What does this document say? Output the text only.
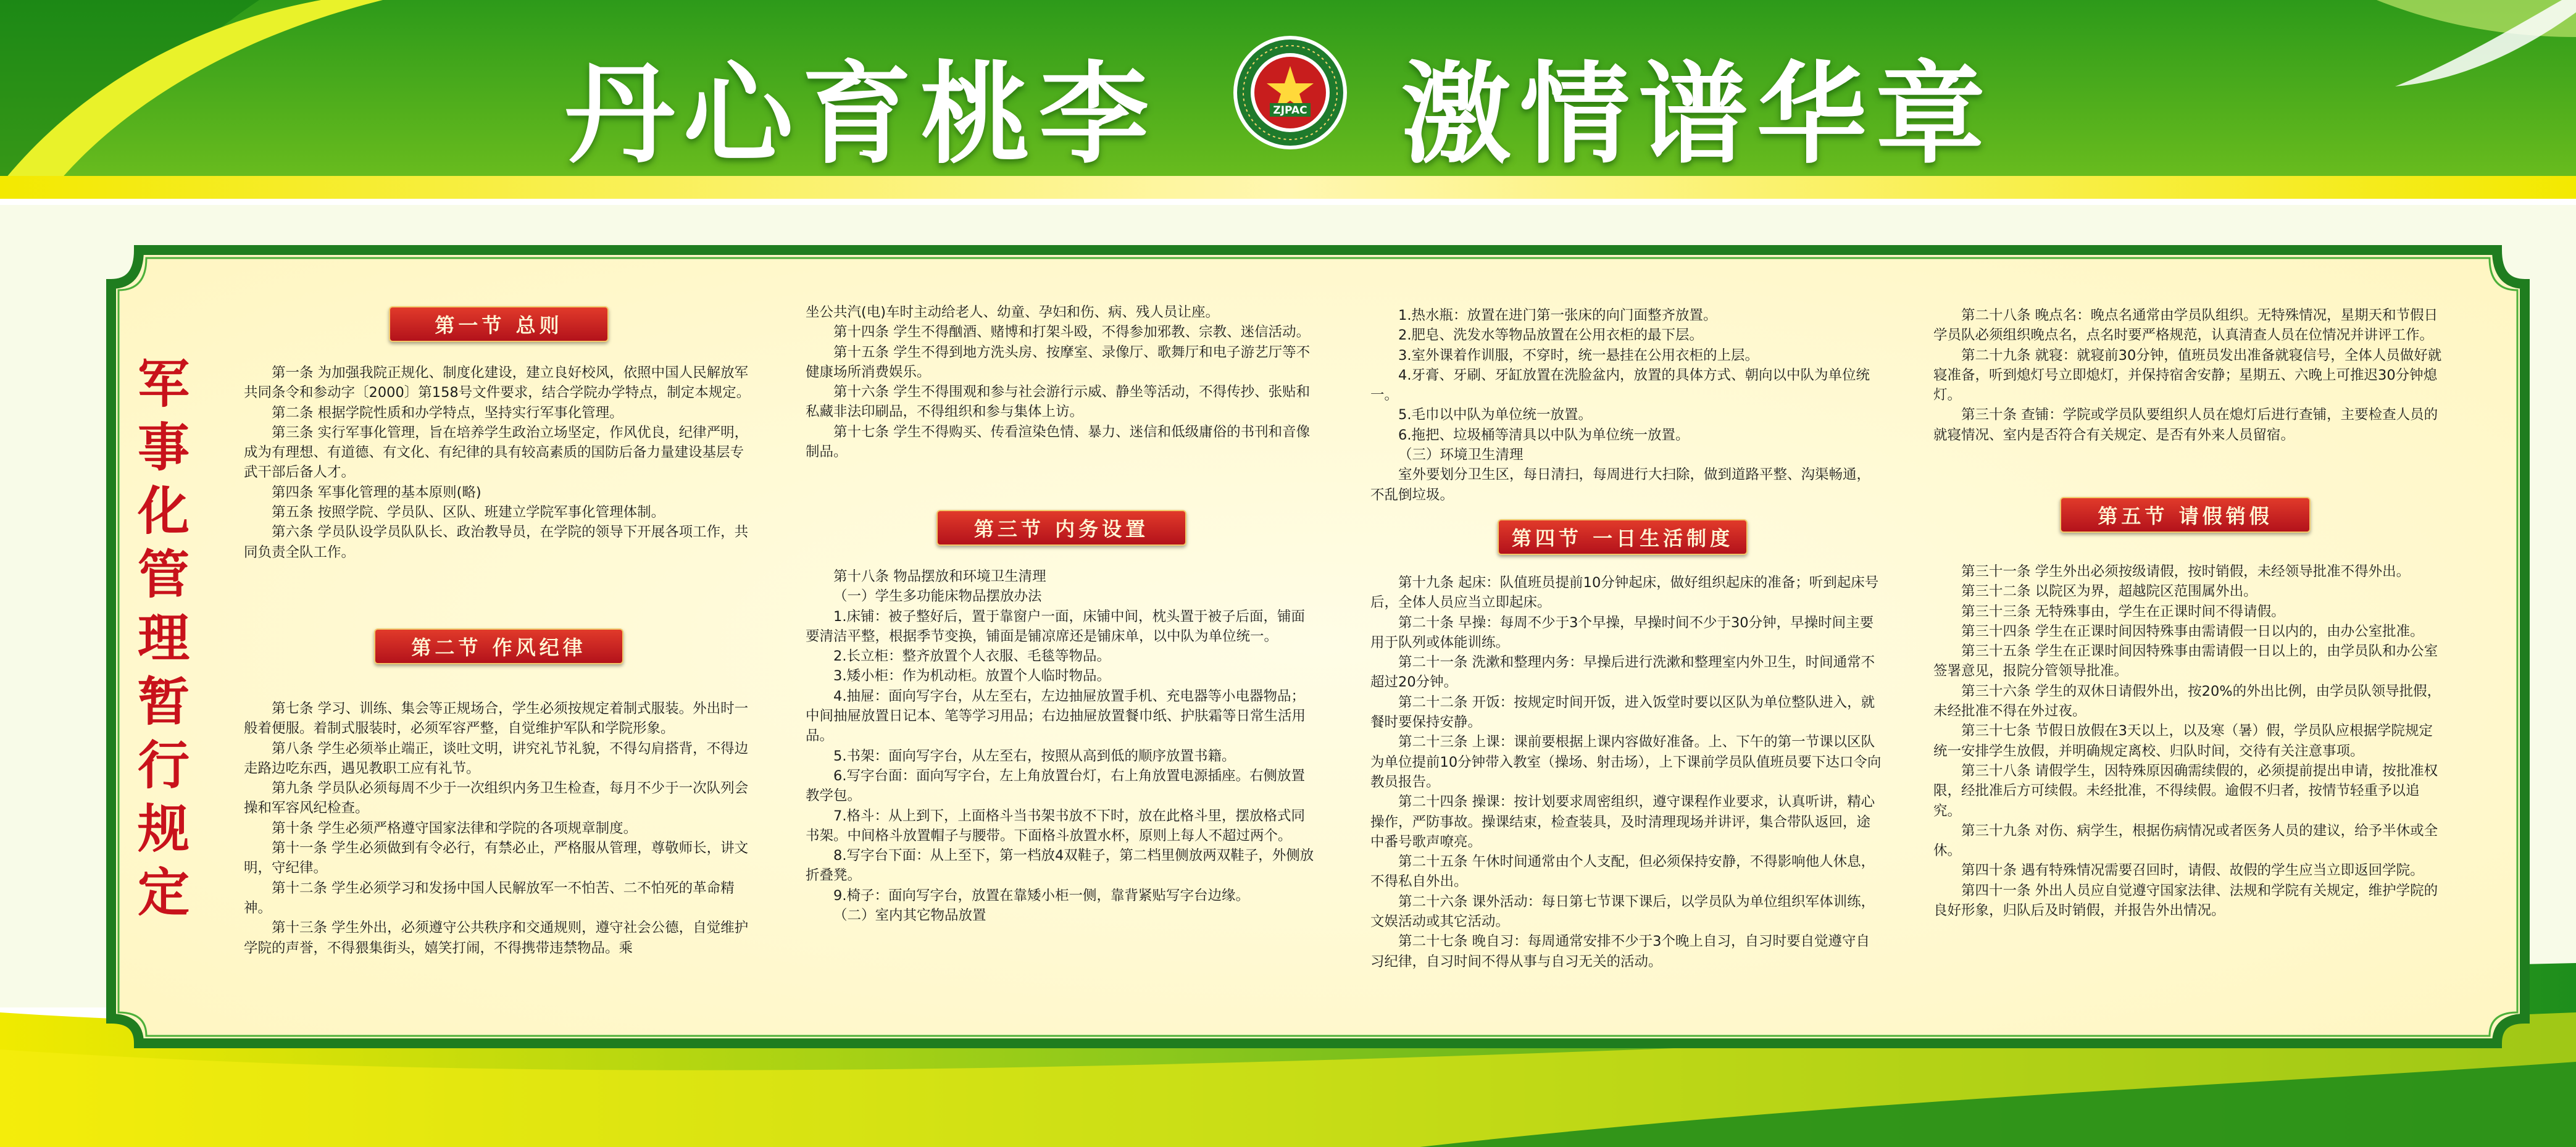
丹心育桃李 激情谱华章
ZJPAC
军
事
化
管
理
暂
行
规
定
第一节 总则
第二节 作风纪律
第三节 内务设置	第四节 一日生活制度
第五节 请假销假

第一条 为加强我院正规化、制度化建设，建立良好校风，依照中国人民解放军共同条令和参动字〔2000〕第158号文件要求，结合学院办学特点，制定本规定。

第二条 根据学院性质和办学特点，坚持实行军事化管理。

第三条 实行军事化管理，旨在培养学生政治立场坚定，作风优良，纪律严明，成为有理想、有道德、有文化、有纪律的具有较高素质的国防后备力量建设基层专武干部后备人才。

第四条 军事化管理的基本原则(略)

第五条 按照学院、学员队、区队、班建立学院军事化管理体制。

第六条 学员队设学员队队长、政治教导员，在学院的领导下开展各项工作，共同负责全队工作。

第七条 学习、训练、集会等正规场合，学生必须按规定着制式服装。外出时一般着便服。着制式服装时，必须军容严整，自觉维护军队和学院形象。

第八条 学生必须举止端正，谈吐文明，讲究礼节礼貌，不得勾肩搭背，不得边走路边吃东西，遇见教职工应有礼节。

第九条 学员队必须每周不少于一次组织内务卫生检查，每月不少于一次队列会操和军容风纪检查。

第十条 学生必须严格遵守国家法律和学院的各项规章制度。

第十一条 学生必须做到有令必行，有禁必止，严格服从管理，尊敬师长，讲文明，守纪律。

第十二条 学生必须学习和发扬中国人民解放军一不怕苦、二不怕死的革命精神。

第十三条 学生外出，必须遵守公共秩序和交通规则，遵守社会公德，自觉维护学院的声誉，不得猥集街头，嬉笑打闹，不得携带违禁物品。乘

坐公共汽(电)车时主动给老人、幼童、孕妇和伤、病、残人员让座。

第十四条 学生不得酗酒、赌博和打架斗殴，不得参加邪教、宗教、迷信活动。

第十五条 学生不得到地方洗头房、按摩室、录像厅、歌舞厅和电子游艺厅等不健康场所消费娱乐。

第十六条 学生不得围观和参与社会游行示威、静坐等活动，不得传抄、张贴和私藏非法印刷品，不得组织和参与集体上访。

第十七条 学生不得购买、传看渲染色情、暴力、迷信和低级庸俗的书刊和音像制品。

第十八条 物品摆放和环境卫生清理

（一）学生多功能床物品摆放办法

1.床铺：被子整好后，置于靠窗户一面，床铺中间，枕头置于被子后面，铺面要清洁平整，根据季节变换，铺面是铺凉席还是铺床单，以中队为单位统一。

2.长立柜：整齐放置个人衣服、毛毯等物品。

3.矮小柜：作为机动柜。放置个人临时物品。

4.抽屉：面向写字台，从左至右，左边抽屉放置手机、充电器等小电器物品；中间抽屉放置日记本、笔等学习用品；右边抽屉放置餐巾纸、护肤霜等日常生活用品。

5.书架：面向写字台，从左至右，按照从高到低的顺序放置书籍。

6.写字台面：面向写字台，左上角放置台灯，右上角放置电源插座。右侧放置教学包。

7.格斗：从上到下，上面格斗当书架书放不下时，放在此格斗里，摆放格式同书架。中间格斗放置帽子与腰带。下面格斗放置水杯，原则上每人不超过两个。

8.写字台下面：从上至下，第一档放4双鞋子，第二档里侧放两双鞋子，外侧放折叠凳。

9.椅子：面向写字台，放置在靠矮小柜一侧，靠背紧贴写字台边缘。

（二）室内其它物品放置

1.热水瓶：放置在进门第一张床的向门面整齐放置。

2.肥皂、洗发水等物品放置在公用衣柜的最下层。

3.室外课着作训服，不穿时，统一悬挂在公用衣柜的上层。

4.牙膏、牙刷、牙缸放置在洗脸盆内，放置的具体方式、朝向以中队为单位统一。

5.毛巾以中队为单位统一放置。

6.拖把、垃圾桶等清具以中队为单位统一放置。

（三）环境卫生清理

室外要划分卫生区，每日清扫，每周进行大扫除，做到道路平整、沟渠畅通，不乱倒垃圾。

第十九条 起床：队值班员提前10分钟起床，做好组织起床的准备；听到起床号后，全体人员应当立即起床。

第二十条 早操：每周不少于3个早操，早操时间不少于30分钟，早操时间主要用于队列或体能训练。

第二十一条 洗漱和整理内务：早操后进行洗漱和整理室内外卫生，时间通常不超过20分钟。

第二十二条 开饭：按规定时间开饭，进入饭堂时要以区队为单位整队进入，就餐时要保持安静。

第二十三条 上课：课前要根据上课内容做好准备。上、下午的第一节课以区队为单位提前10分钟带入教室（操场、射击场），上下课前学员队值班员要下达口令向教员报告。

第二十四条 操课：按计划要求周密组织，遵守课程作业要求，认真听讲，精心操作，严防事故。操课结束，检查装具，及时清理现场并讲评，集合带队返回，途中番号歌声嘹亮。

第二十五条 午休时间通常由个人支配，但必须保持安静，不得影响他人休息，不得私自外出。

第二十六条 课外活动：每日第七节课下课后，以学员队为单位组织军体训练，文娱活动或其它活动。

第二十七条 晚自习：每周通常安排不少于3个晚上自习，自习时要自觉遵守自习纪律，自习时间不得从事与自习无关的活动。

第二十八条 晚点名：晚点名通常由学员队组织。无特殊情况，星期天和节假日学员队必须组织晚点名，点名时要严格规范，认真清查人员在位情况并讲评工作。

第二十九条 就寝：就寝前30分钟，值班员发出准备就寝信号，全体人员做好就寝准备，听到熄灯号立即熄灯，并保持宿舍安静；星期五、六晚上可推迟30分钟熄灯。

第三十条 查铺：学院或学员队要组织人员在熄灯后进行查铺，主要检查人员的就寝情况、室内是否符合有关规定、是否有外来人员留宿。

第三十一条 学生外出必须按级请假，按时销假，未经领导批准不得外出。

第三十二条 以院区为界，超越院区范围属外出。

第三十三条 无特殊事由，学生在正课时间不得请假。

第三十四条 学生在正课时间因特殊事由需请假一日以内的，由办公室批准。

第三十五条 学生在正课时间因特殊事由需请假一日以上的，由学员队和办公室签署意见，报院分管领导批准。

第三十六条 学生的双休日请假外出，按20%的外出比例，由学员队领导批假，未经批准不得在外过夜。

第三十七条 节假日放假在3天以上，以及寒（暑）假，学员队应根据学院规定统一安排学生放假，并明确规定离校、归队时间，交待有关注意事项。

第三十八条 请假学生，因特殊原因确需续假的，必须提前提出申请，按批准权限，经批准后方可续假。未经批准，不得续假。逾假不归者，按情节轻重予以追究。

第三十九条 对伤、病学生，根据伤病情况或者医务人员的建议，给予半休或全休。

第四十条 遇有特殊情况需要召回时，请假、故假的学生应当立即返回学院。

第四十一条 外出人员应自觉遵守国家法律、法规和学院有关规定，维护学院的良好形象，归队后及时销假，并报告外出情况。
